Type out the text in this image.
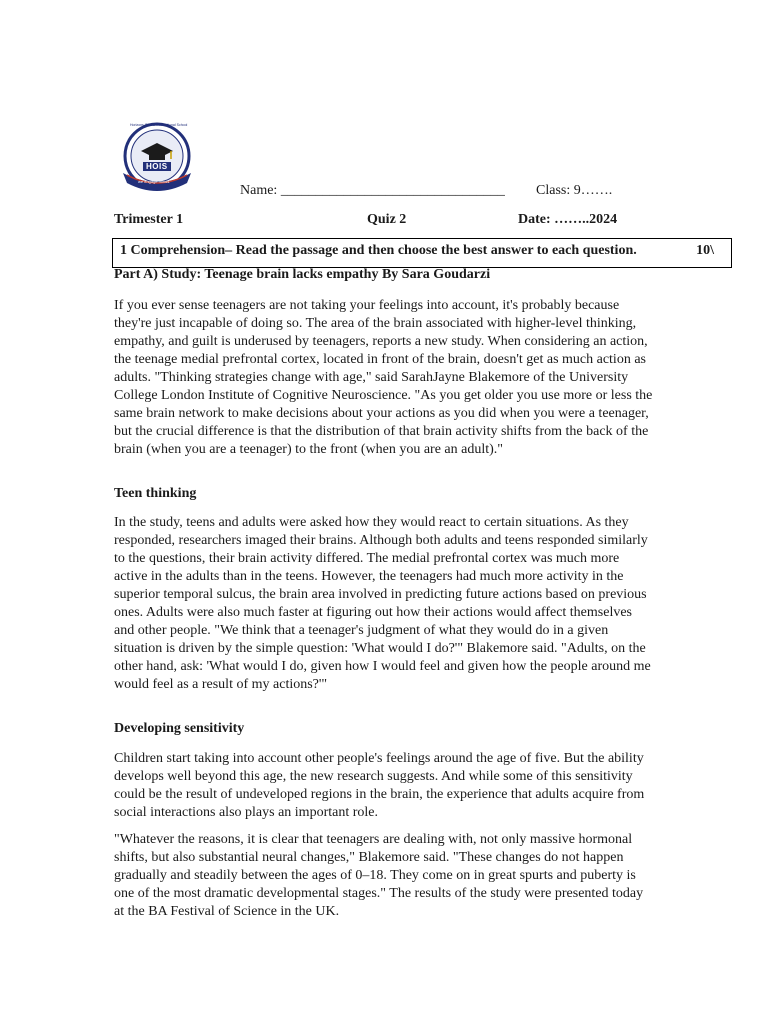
HOIS
we engage minds
Horizons Official International School
Name: ________________________________ Class: 9…….
Trimester 1	Quiz 2	Date: ……..2024
1 Comprehension– Read the passage and then choose the best answer to each question.	10\
Part A) Study: Teenage brain lacks empathy By Sara Goudarzi

If you ever sense teenagers are not taking your feelings into account, it's probably because they're just incapable of doing so. The area of the brain associated with higher-level thinking, empathy, and guilt is underused by teenagers, reports a new study. When considering an action, the teenage medial prefrontal cortex, located in front of the brain, doesn't get as much action as adults. "Thinking strategies change with age," said SarahJayne Blakemore of the University College London Institute of Cognitive Neuroscience. "As you get older you use more or less the same brain network to make decisions about your actions as you did when you were a teenager, but the crucial difference is that the distribution of that brain activity shifts from the back of the brain (when you are a teenager) to the front (when you are an adult)."

Teen thinking

In the study, teens and adults were asked how they would react to certain situations. As they responded, researchers imaged their brains. Although both adults and teens responded similarly to the questions, their brain activity differed. The medial prefrontal cortex was much more active in the adults than in the teens. However, the teenagers had much more activity in the superior temporal sulcus, the brain area involved in predicting future actions based on previous ones. Adults were also much faster at figuring out how their actions would affect themselves and other people. "We think that a teenager's judgment of what they would do in a given situation is driven by the simple question: 'What would I do?'" Blakemore said. "Adults, on the other hand, ask: 'What would I do, given how I would feel and given how the people around me would feel as a result of my actions?'"

Developing sensitivity

Children start taking into account other people's feelings around the age of five. But the ability develops well beyond this age, the new research suggests. And while some of this sensitivity could be the result of undeveloped regions in the brain, the experience that adults acquire from social interactions also plays an important role.

"Whatever the reasons, it is clear that teenagers are dealing with, not only massive hormonal shifts, but also substantial neural changes," Blakemore said. "These changes do not happen gradually and steadily between the ages of 0–18. They come on in great spurts and puberty is one of the most dramatic developmental stages." The results of the study were presented today at the BA Festival of Science in the UK.
